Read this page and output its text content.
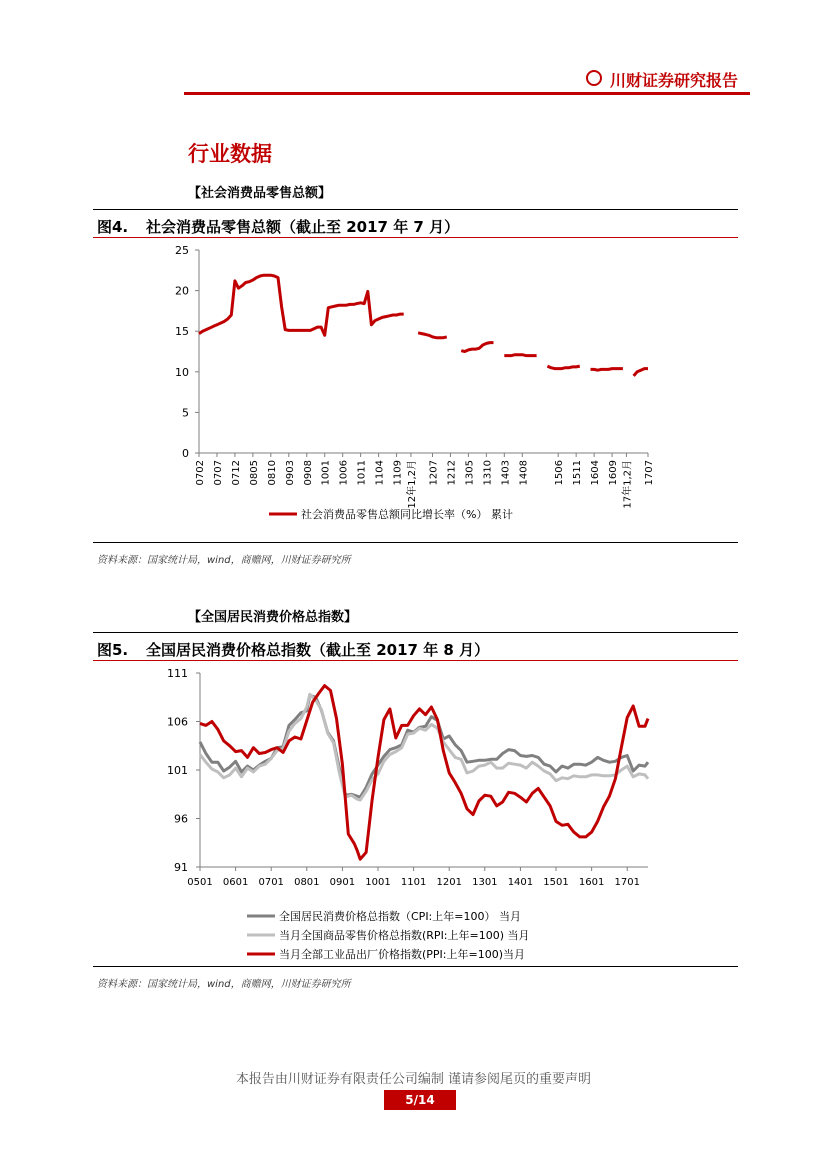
川财证券研究报告
行业数据
【社会消费品零售总额】
图4. 社会消费品零售总额（截止至 2017 年 7 月）
0
5
10
15
20
25
0702 0707 0712 0805 0810 0903 0908 1001 1006 1011 1104 1109 12年1,2月 1207 1212 1305 1310 1403 1408 1506 1511 1604 1609 17年1,2月 1707
社会消费品零售总额同比增长率（%） 累计
资料来源：国家统计局，wind，商赡网，川财证券研究所
【全国居民消费价格总指数】
图5. 全国居民消费价格总指数（截止至 2017 年 8 月）
91
96
101
106
111
0501 0601 0701 0801 0901 1001 1101 1201 1301 1401 1501 1601 1701
全国居民消费价格总指数（CPI:上年=100） 当月
当月全国商品零售价格总指数(RPI:上年=100) 当月
当月全部工业品出厂价格指数(PPI:上年=100)当月
资料来源：国家统计局，wind，商赡网，川财证券研究所
本报告由川财证券有限责任公司编制 谨请参阅尾页的重要声明
5/14
